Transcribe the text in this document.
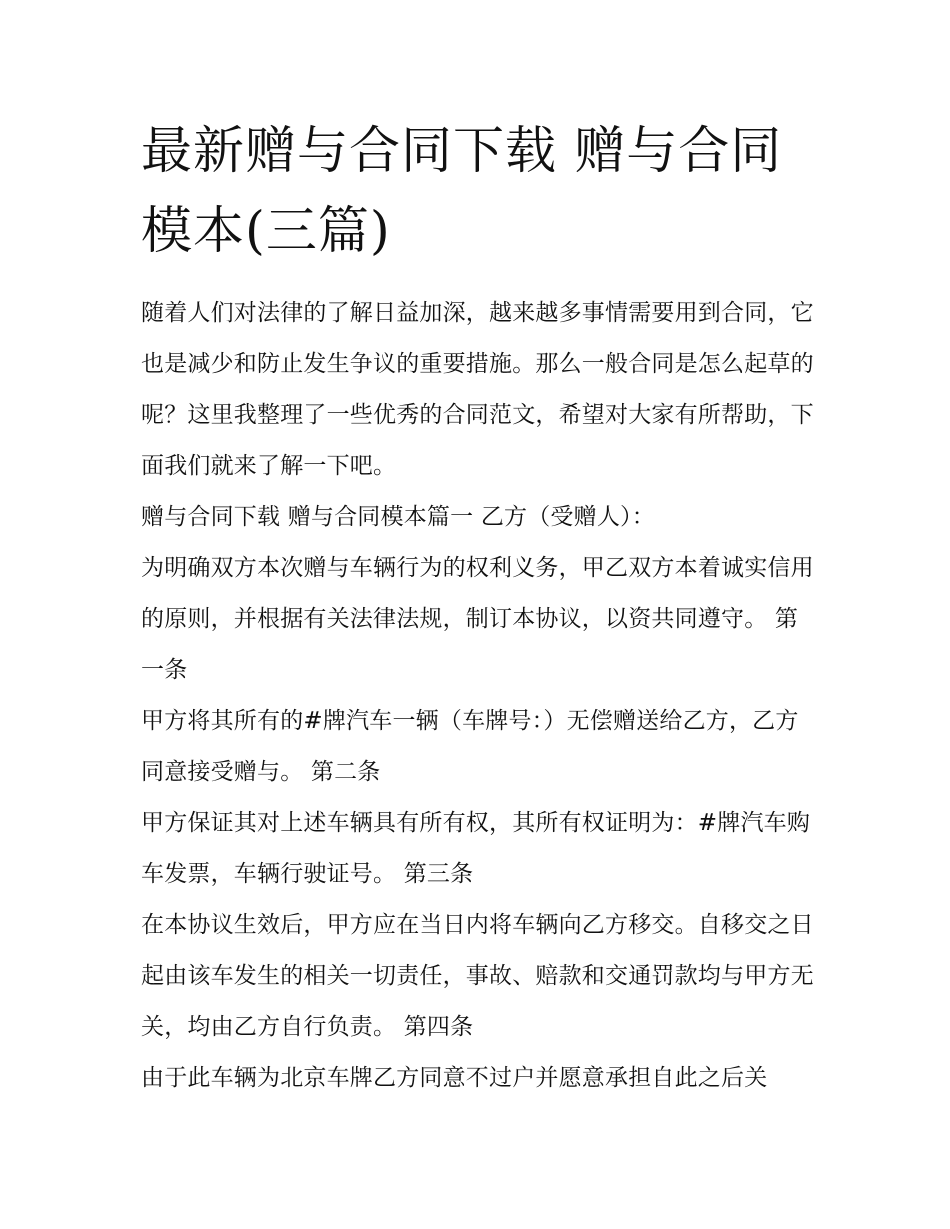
最新赠与合同下载 赠与合同模本(三篇)

随着人们对法律的了解日益加深，越来越多事情需要用到合同，它也是减少和防止发生争议的重要措施。那么一般合同是怎么起草的呢？这里我整理了一些优秀的合同范文，希望对大家有所帮助，下面我们就来了解一下吧。

赠与合同下载 赠与合同模本篇一 乙方（受赠人）：

为明确双方本次赠与车辆行为的权利义务，甲乙双方本着诚实信用的原则，并根据有关法律法规，制订本协议，以资共同遵守。 第一条

甲方将其所有的#牌汽车一辆（车牌号：）无偿赠送给乙方，乙方同意接受赠与。 第二条

甲方保证其对上述车辆具有所有权，其所有权证明为：#牌汽车购车发票，车辆行驶证号。 第三条

在本协议生效后，甲方应在当日内将车辆向乙方移交。自移交之日起由该车发生的相关一切责任，事故、赔款和交通罚款均与甲方无关，均由乙方自行负责。 第四条

由于此车辆为北京车牌乙方同意不过户并愿意承担自此之后关
